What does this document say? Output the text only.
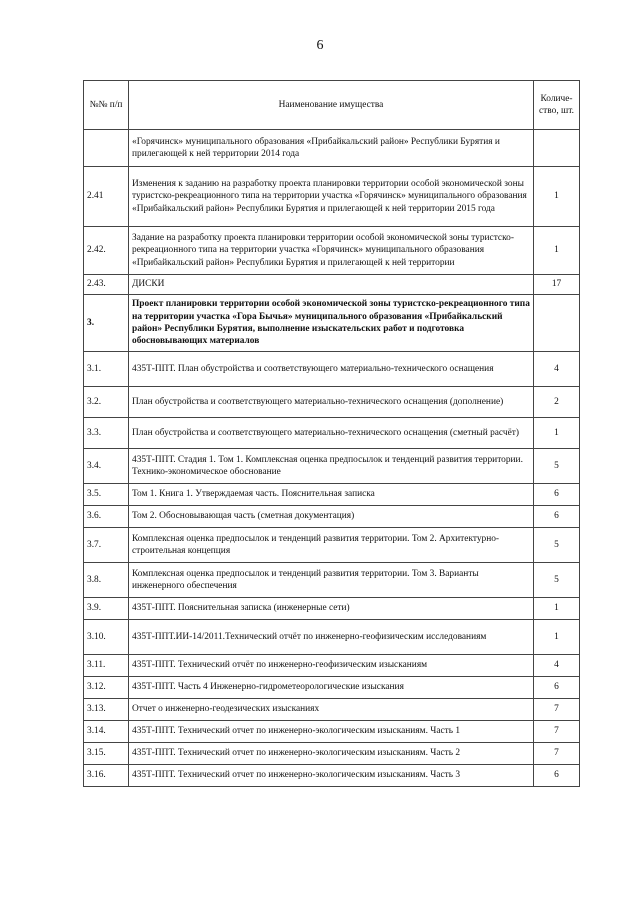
6
№№ п/п	Наименование имущества	Количе-ство, шт.
	«Горячинск» муниципального образования «Прибайкальский район» Республики Бурятия и прилегающей к ней территории 2014 года	
2.41	Изменения к заданию на разработку проекта планировки территории особой экономической зоны туристско-рекреационного типа на территории участка «Горячинск» муниципального образования «Прибайкальский район» Республики Бурятия и прилегающей к ней территории 2015 года	1
2.42.	Задание на разработку проекта планировки территории особой экономической зоны туристско-рекреационного типа на территории участка «Горячинск» муниципального образования «Прибайкальский район» Республики Бурятия и прилегающей к ней территории	1
2.43.	ДИСКИ	17
3.	Проект планировки территории особой экономической зоны туристско-рекреационного типа на территории участка «Гора Бычья» муниципального образования «Прибайкальский район» Республики Бурятия, выполнение изыскательских работ и подготовка обосновывающих материалов	
3.1.	435Т-ППТ. План обустройства и соответствующего материально-технического оснащения	4
3.2.	План обустройства и соответствующего материально-технического оснащения (дополнение)	2
3.3.	План обустройства и соответствующего материально-технического оснащения (сметный расчёт)	1
3.4.	435Т-ППТ. Стадия 1. Том 1. Комплексная оценка предпосылок и тенденций развития территории. Технико-экономическое обоснование	5
3.5.	Том 1. Книга 1. Утверждаемая часть. Пояснительная записка	6
3.6.	Том 2. Обосновывающая часть (сметная документация)	6
3.7.	Комплексная оценка предпосылок и тенденций развития территории. Том 2. Архитектурно-строительная концепция	5
3.8.	Комплексная оценка предпосылок и тенденций развития территории. Том 3. Варианты инженерного обеспечения	5
3.9.	435Т-ППТ. Пояснительная записка (инженерные сети)	1
3.10.	435Т-ППТ.ИИ-14/2011.Технический отчёт по инженерно-геофизическим исследованиям	1
3.11.	435Т-ППТ. Технический отчёт по инженерно-геофизическим изысканиям	4
3.12.	435Т-ППТ. Часть 4 Инженерно-гидрометеорологические изыскания	6
3.13.	Отчет о инженерно-геодезических изысканиях	7
3.14.	435Т-ППТ. Технический отчет по инженерно-экологическим изысканиям. Часть 1	7
3.15.	435Т-ППТ. Технический отчет по инженерно-экологическим изысканиям. Часть 2	7
3.16.	435Т-ППТ. Технический отчет по инженерно-экологическим изысканиям. Часть 3	6
